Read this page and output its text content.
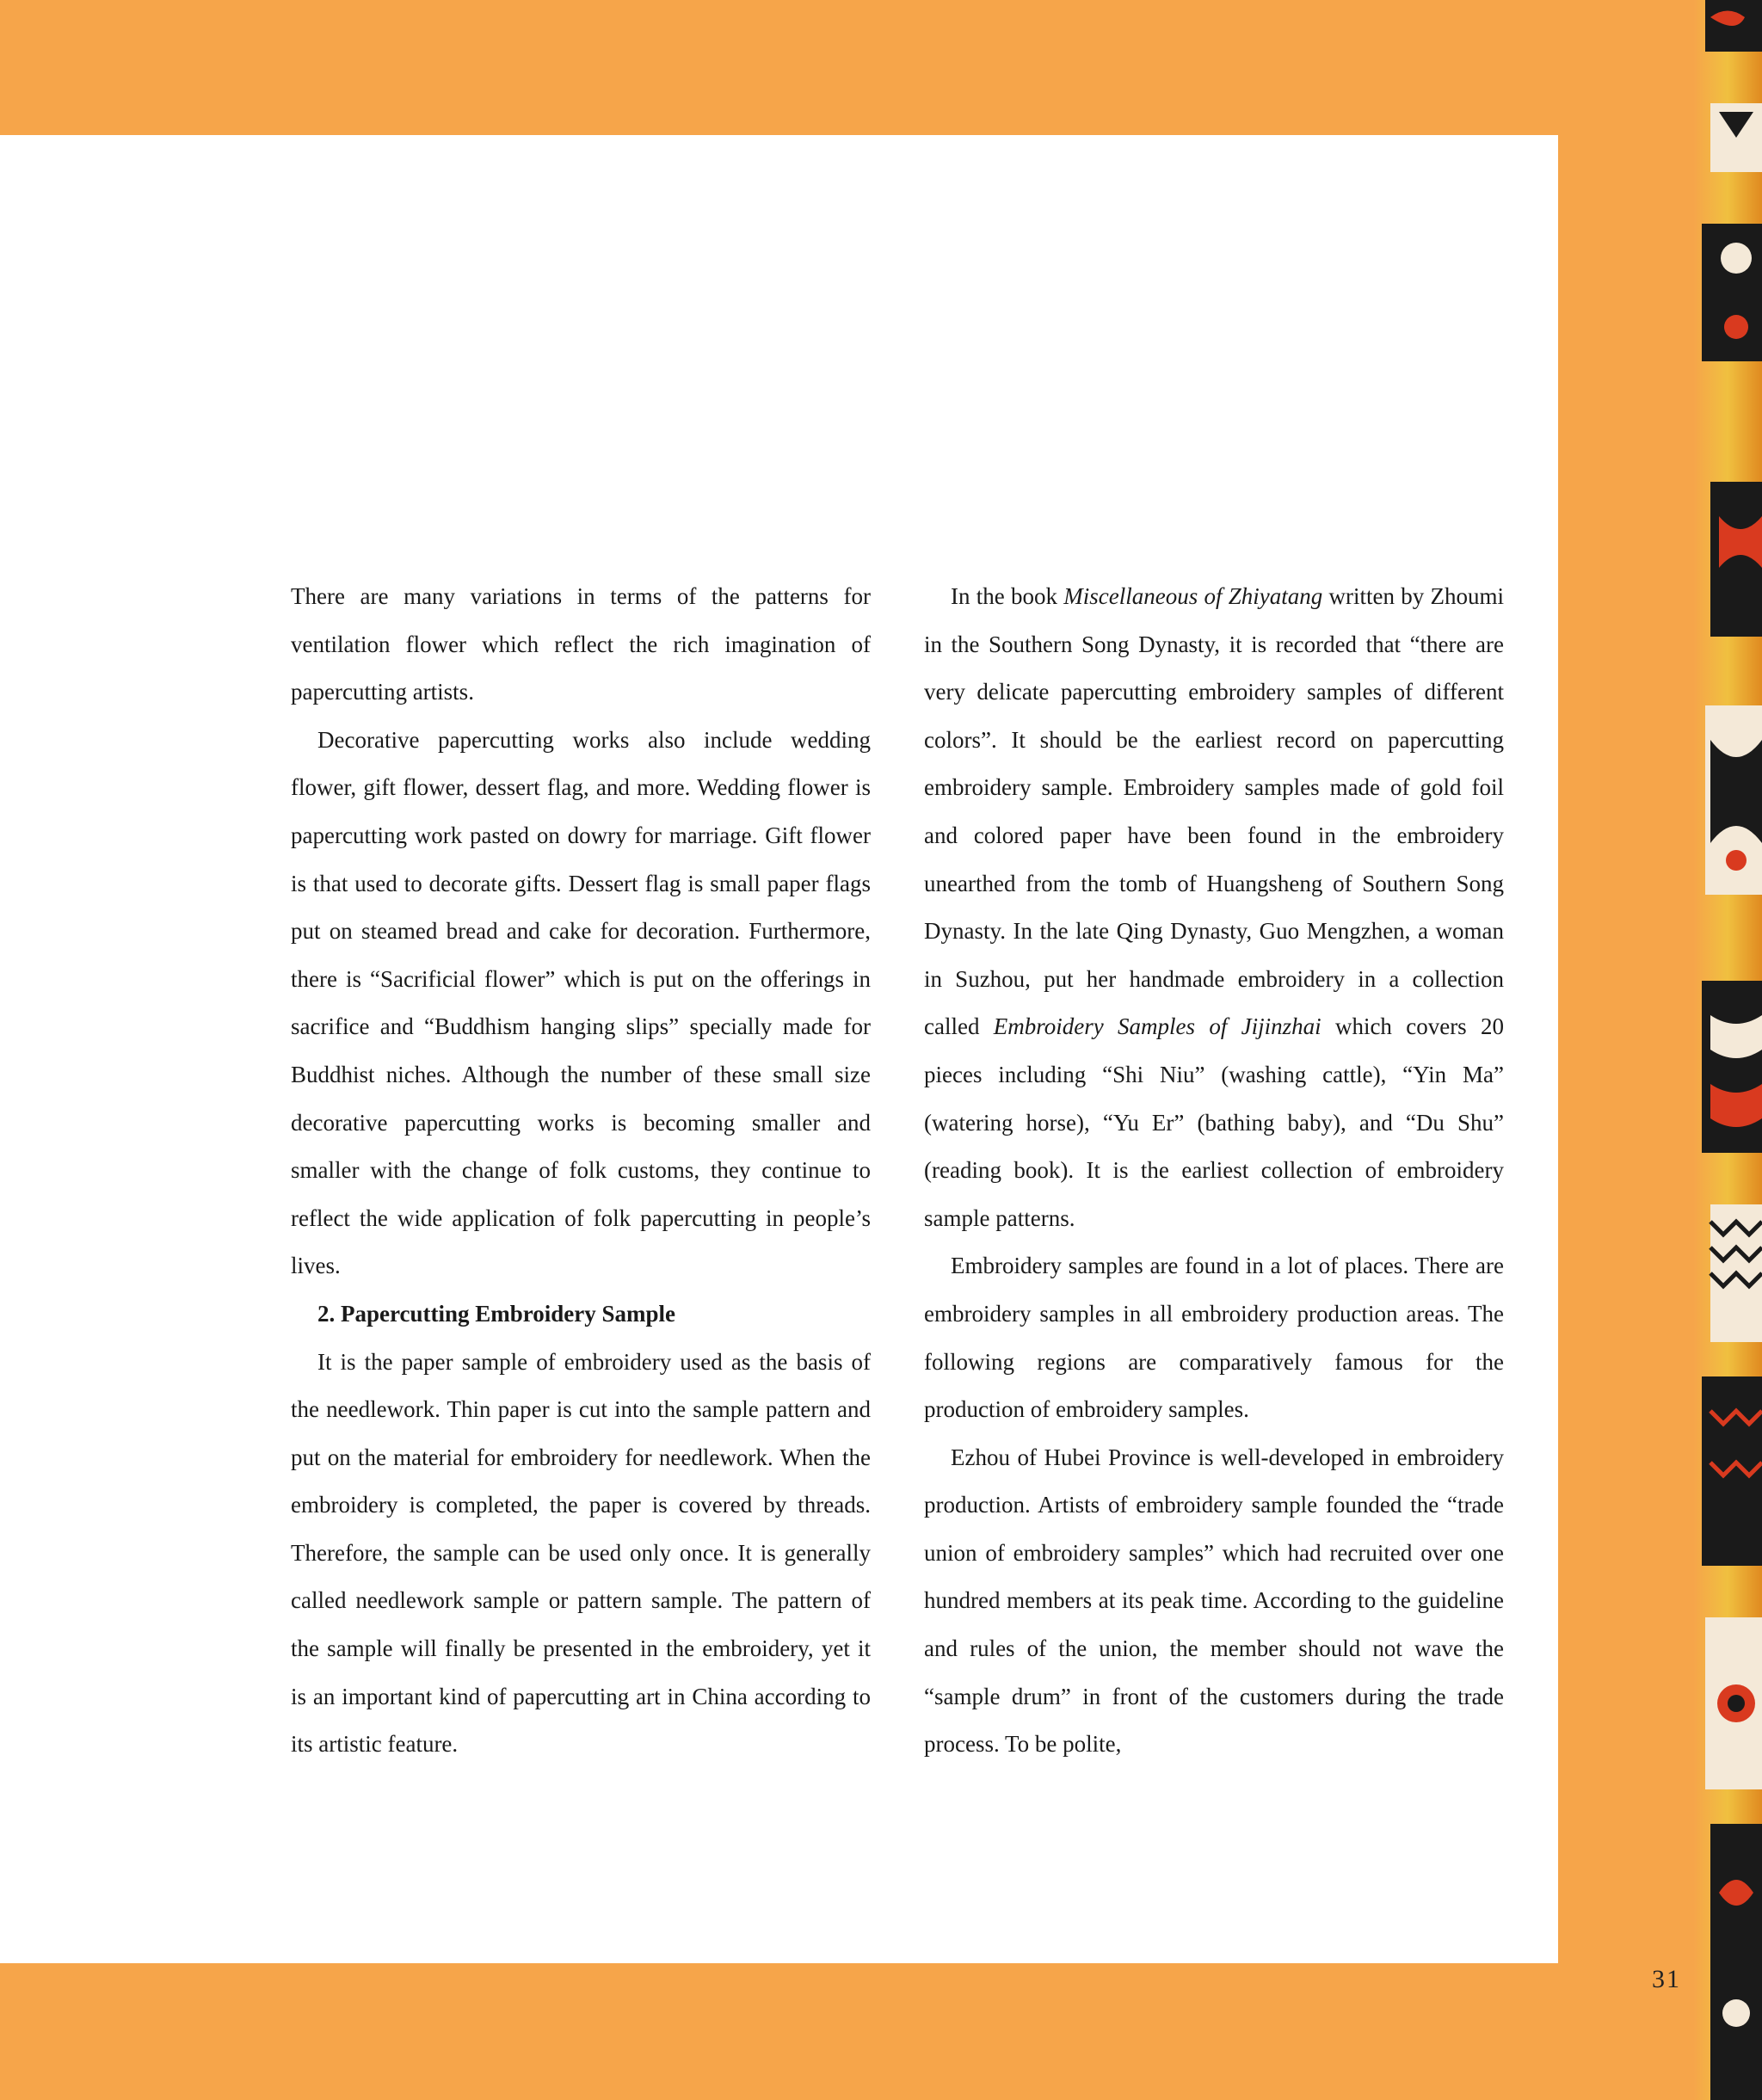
There are many variations in terms of the patterns for ventilation flower which reflect the rich imagination of papercutting artists.

Decorative papercutting works also include wedding flower, gift flower, dessert flag, and more. Wedding flower is papercutting work pasted on dowry for marriage. Gift flower is that used to decorate gifts. Dessert flag is small paper flags put on steamed bread and cake for decoration. Furthermore, there is “Sacrificial flower” which is put on the offerings in sacrifice and “Buddhism hanging slips” specially made for Buddhist niches. Although the number of these small size decorative papercutting works is becoming smaller and smaller with the change of folk customs, they continue to reflect the wide application of folk papercutting in people’s lives.

2. Papercutting Embroidery Sample

It is the paper sample of embroidery used as the basis of the needlework. Thin paper is cut into the sample pattern and put on the material for embroidery for needlework. When the embroidery is completed, the paper is covered by threads. Therefore, the sample can be used only once. It is generally called needlework sample or pattern sample. The pattern of the sample will finally be presented in the embroidery, yet it is an important kind of papercutting art in China according to its artistic feature.

In the book Miscellaneous of Zhiyatang written by Zhoumi in the Southern Song Dynasty, it is recorded that “there are very delicate papercutting embroidery samples of different colors”. It should be the earliest record on papercutting embroidery sample. Embroidery samples made of gold foil and colored paper have been found in the embroidery unearthed from the tomb of Huangsheng of Southern Song Dynasty. In the late Qing Dynasty, Guo Mengzhen, a woman in Suzhou, put her handmade embroidery in a collection called Embroidery Samples of Jijinzhai which covers 20 pieces including “Shi Niu” (washing cattle), “Yin Ma” (watering horse), “Yu Er” (bathing baby), and “Du Shu” (reading book). It is the earliest collection of embroidery sample patterns.

Embroidery samples are found in a lot of places. There are embroidery samples in all embroidery production areas. The following regions are comparatively famous for the production of embroidery samples.

Ezhou of Hubei Province is well-developed in embroidery production. Artists of embroidery sample founded the “trade union of embroidery samples” which had recruited over one hundred members at its peak time. According to the guideline and rules of the union, the member should not wave the “sample drum” in front of the customers during the trade process. To be polite,

31
